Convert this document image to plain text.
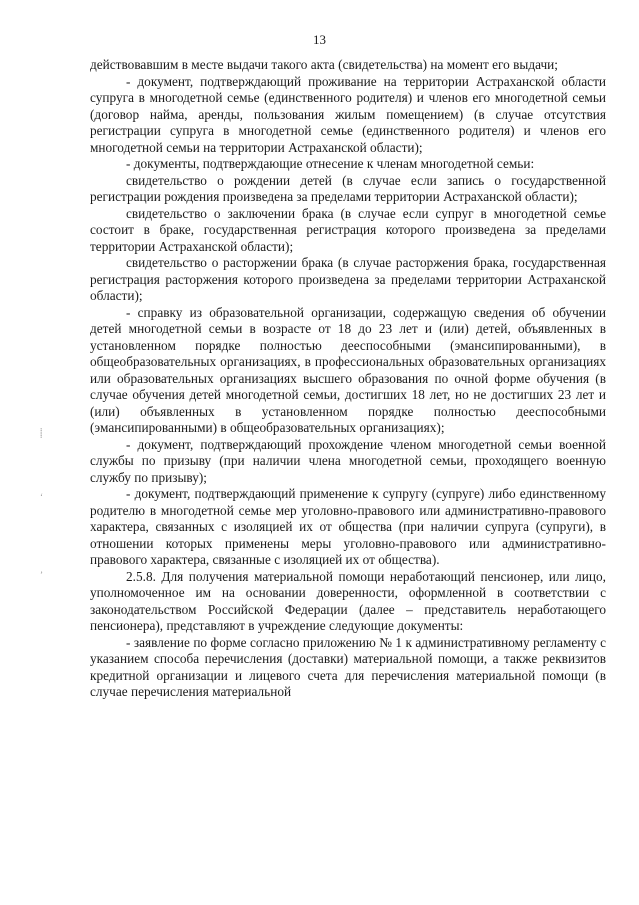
13
⸽
ʻ
ʼ

действовавшим в месте выдачи такого акта (свидетельства) на момент его выдачи;

- документ, подтверждающий проживание на территории Астраханской области супруга в многодетной семье (единственного родителя) и членов его многодетной семьи (договор найма, аренды, пользования жилым помещением) (в случае отсутствия регистрации супруга в многодетной семье (единственного родителя) и членов его многодетной семьи на территории Астраханской области);

- документы, подтверждающие отнесение к членам многодетной семьи:

свидетельство о рождении детей (в случае если запись о государственной регистрации рождения произведена за пределами территории Астраханской области);

свидетельство о заключении брака (в случае если супруг в многодетной семье состоит в браке, государственная регистрация которого произведена за пределами территории Астраханской области);

свидетельство о расторжении брака (в случае расторжения брака, государственная регистрация расторжения которого произведена за пределами территории Астраханской области);

- справку из образовательной организации, содержащую сведения об обучении детей многодетной семьи в возрасте от 18 до 23 лет и (или) детей, объявленных в установленном порядке полностью дееспособными (эмансипированными), в общеобразовательных организациях, в профессиональных образовательных организациях или образовательных организациях высшего образования по очной форме обучения (в случае обучения детей многодетной семьи, достигших 18 лет, но не достигших 23 лет и (или) объявленных в установленном порядке полностью дееспособными (эмансипированными) в общеобразовательных организациях);

- документ, подтверждающий прохождение членом многодетной семьи военной службы по призыву (при наличии члена многодетной семьи, проходящего военную службу по призыву);

- документ, подтверждающий применение к супругу (супруге) либо единственному родителю в многодетной семье мер уголовно-правового или административно-правового характера, связанных с изоляцией их от общества (при наличии супруга (супруги), в отношении которых применены меры уголовно-правового или административно-правового характера, связанные с изоляцией их от общества).

2.5.8. Для получения материальной помощи неработающий пенсионер, или лицо, уполномоченное им на основании доверенности, оформленной в соответствии с законодательством Российской Федерации (далее – представитель неработающего пенсионера), представляют в учреждение следующие документы:

- заявление по форме согласно приложению № 1 к административному регламенту с указанием способа перечисления (доставки) материальной помощи, а также реквизитов кредитной организации и лицевого счета для перечисления материальной помощи (в случае перечисления материальной
